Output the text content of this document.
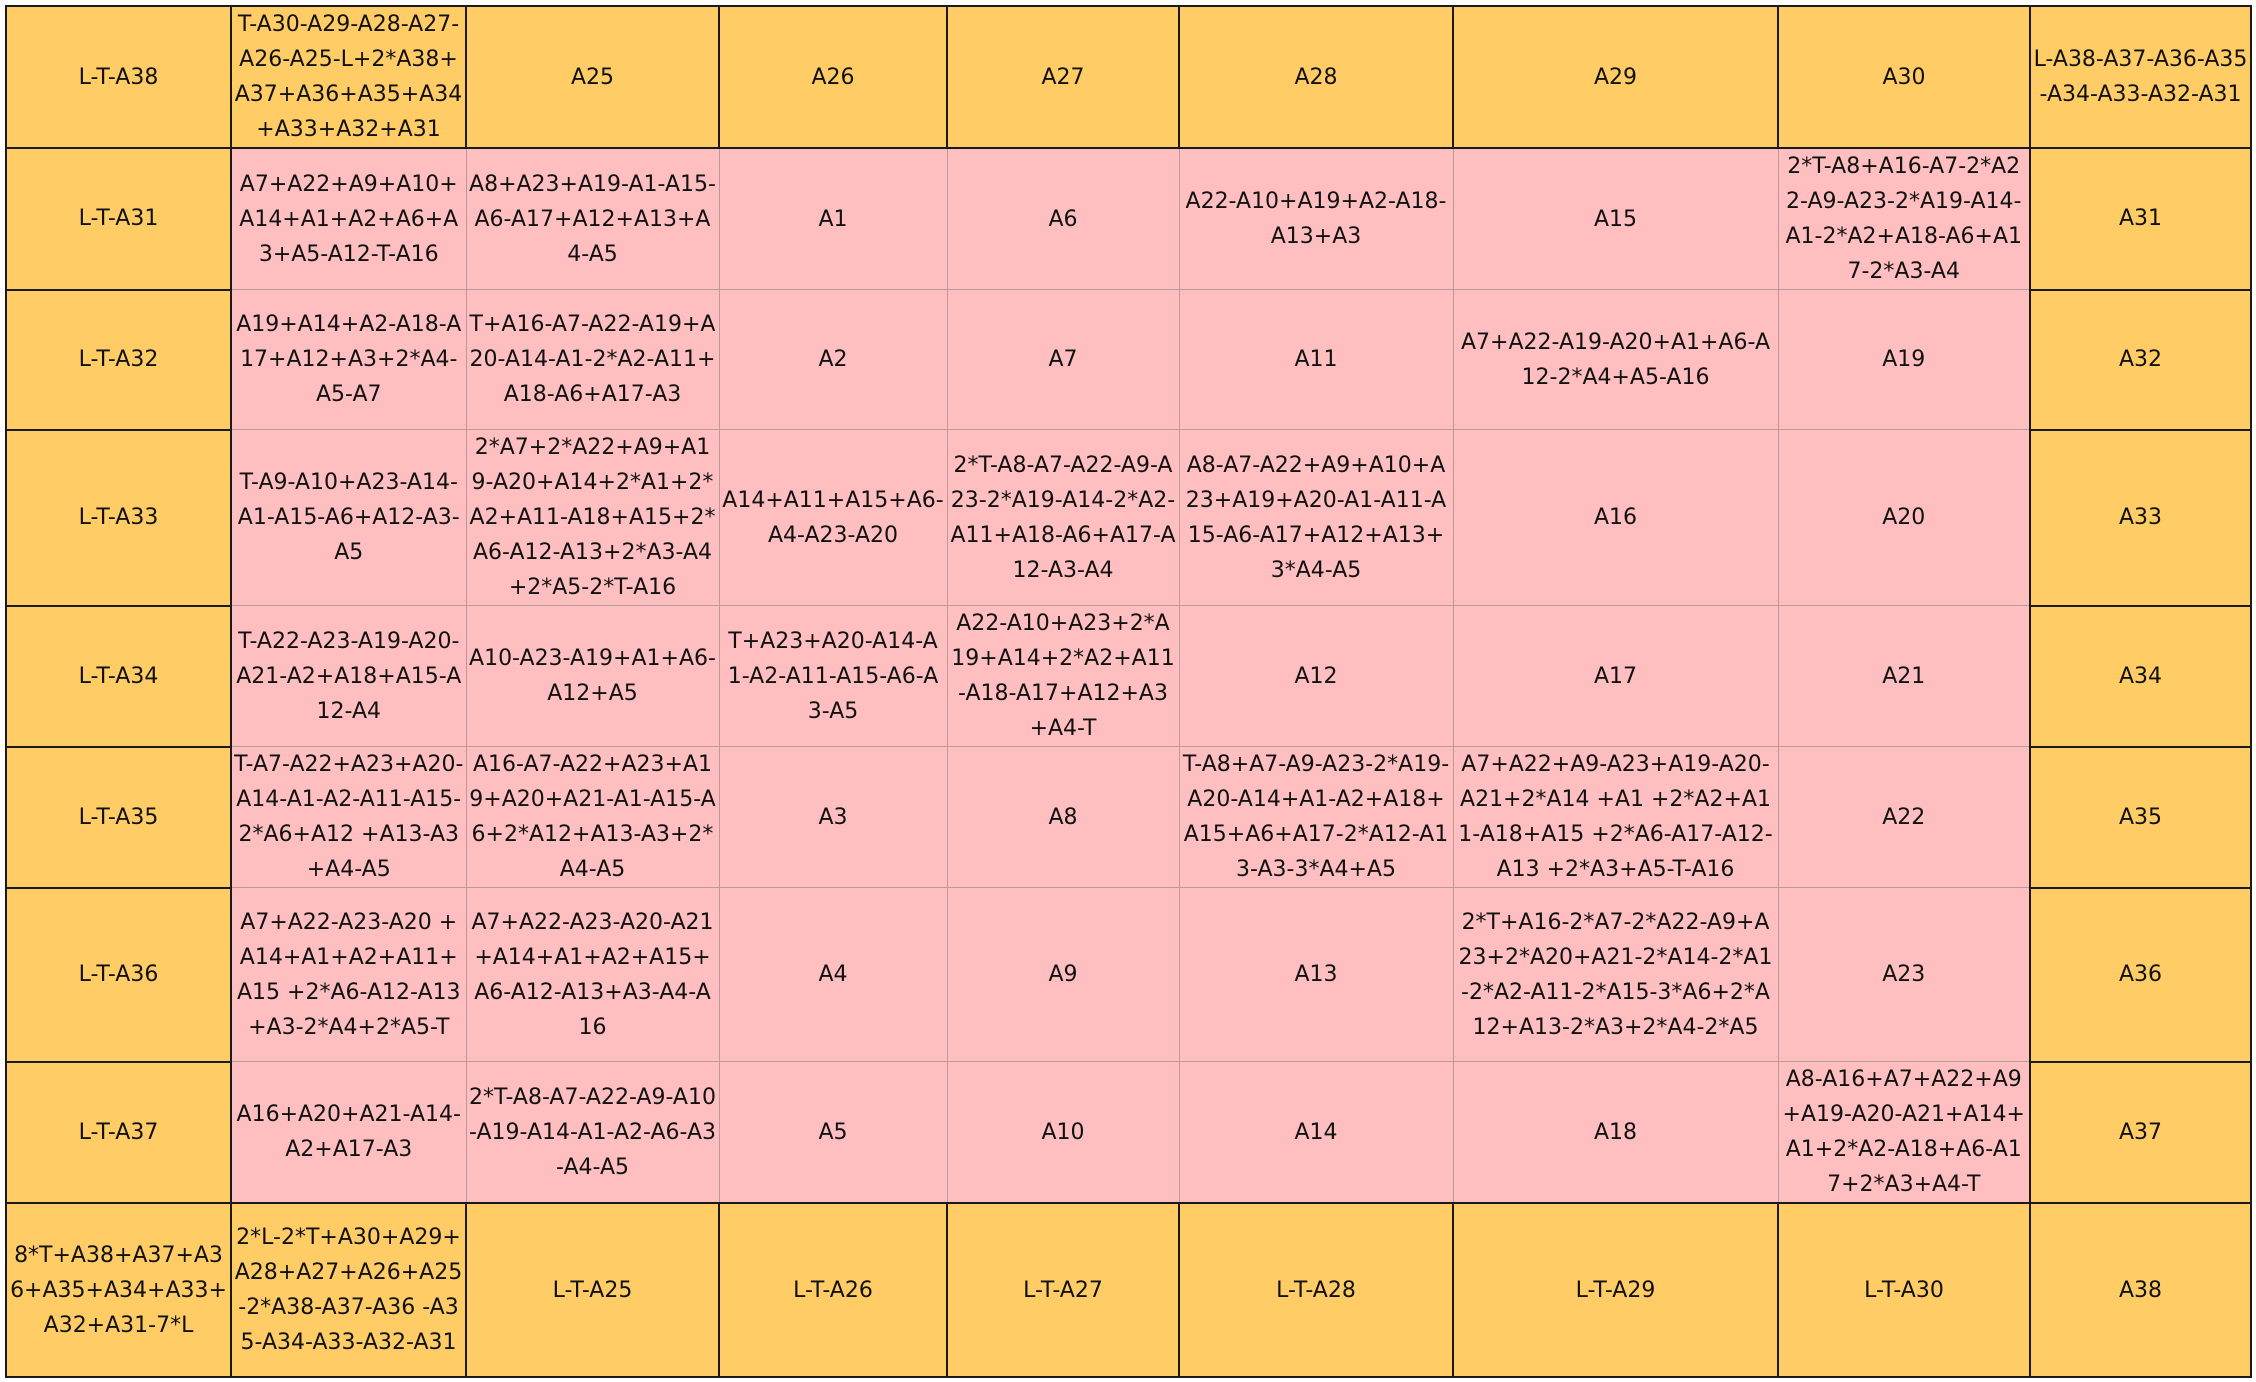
L-T-A38	T-A30-A29-A28-A27-A26-A25-L+2*A38+A37+A36+A35+A34+A33+A32+A31	A25	A26	A27	A28	A29	A30	L-A38-A37-A36-A35-A34-A33-A32-A31
L-T-A31	A7+A22+A9+A10+A14+A1+A2+A6+A3+A5-A12-T-A16	A8+A23+A19-A1-A15-A6-A17+A12+A13+A4-A5	A1	A6	A22-A10+A19+A2-A18-A13+A3	A15	2*T-A8+A16-A7-2*A22-A9-A23-2*A19-A14-A1-2*A2+A18-A6+A17-2*A3-A4	A31
L-T-A32	A19+A14+A2-A18-A17+A12+A3+2*A4-A5-A7	T+A16-A7-A22-A19+A20-A14-A1-2*A2-A11+A18-A6+A17-A3	A2	A7	A11	A7+A22-A19-A20+A1+A6-A12-2*A4+A5-A16	A19	A32
L-T-A33	T-A9-A10+A23-A14-A1-A15-A6+A12-A3-A5	2*A7+2*A22+A9+A19-A20+A14+2*A1+2*A2+A11-A18+A15+2*A6-A12-A13+2*A3-A4+2*A5-2*T-A16	A14+A11+A15+A6-A4-A23-A20	2*T-A8-A7-A22-A9-A23-2*A19-A14-2*A2-A11+A18-A6+A17-A12-A3-A4	A8-A7-A22+A9+A10+A23+A19+A20-A1-A11-A15-A6-A17+A12+A13+3*A4-A5	A16	A20	A33
L-T-A34	T-A22-A23-A19-A20-A21-A2+A18+A15-A12-A4	A10-A23-A19+A1+A6-A12+A5	T+A23+A20-A14-A1-A2-A11-A15-A6-A3-A5	A22-A10+A23+2*A19+A14+2*A2+A11-A18-A17+A12+A3+A4-T	A12	A17	A21	A34
L-T-A35	T-A7-A22+A23+A20-A14-A1-A2-A11-A15-2*A6+A12 +A13-A3+A4-A5	A16-A7-A22+A23+A19+A20+A21-A1-A15-A6+2*A12+A13-A3+2*A4-A5	A3	A8	T-A8+A7-A9-A23-2*A19-A20-A14+A1-A2+A18+A15+A6+A17-2*A12-A13-A3-3*A4+A5	A7+A22+A9-A23+A19-A20-A21+2*A14 +A1 +2*A2+A11-A18+A15 +2*A6-A17-A12-A13 +2*A3+A5-T-A16	A22	A35
L-T-A36	A7+A22-A23-A20 +A14+A1+A2+A11+A15 +2*A6-A12-A13 +A3-2*A4+2*A5-T	A7+A22-A23-A20-A21+A14+A1+A2+A15+A6-A12-A13+A3-A4-A16	A4	A9	A13	2*T+A16-2*A7-2*A22-A9+A23+2*A20+A21-2*A14-2*A1-2*A2-A11-2*A15-3*A6+2*A12+A13-2*A3+2*A4-2*A5	A23	A36
L-T-A37	A16+A20+A21-A14-A2+A17-A3	2*T-A8-A7-A22-A9-A10-A19-A14-A1-A2-A6-A3-A4-A5	A5	A10	A14	A18	A8-A16+A7+A22+A9+A19-A20-A21+A14+A1+2*A2-A18+A6-A17+2*A3+A4-T	A37
8*T+A38+A37+A36+A35+A34+A33+A32+A31-7*L	2*L-2*T+A30+A29+A28+A27+A26+A25-2*A38-A37-A36 -A35-A34-A33-A32-A31	L-T-A25	L-T-A26	L-T-A27	L-T-A28	L-T-A29	L-T-A30	A38
